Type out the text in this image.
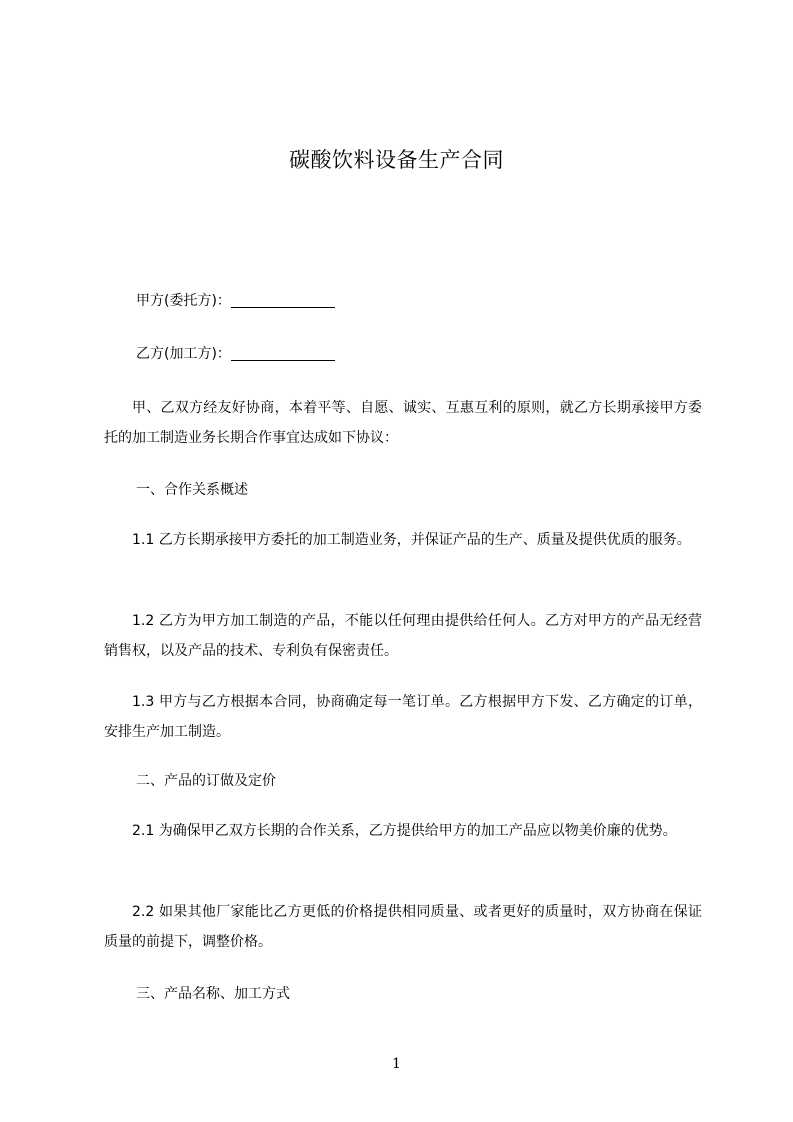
碳酸饮料设备生产合同
甲方(委托方)：
乙方(加工方)：
甲、乙双方经友好协商，本着平等、自愿、诚实、互惠互利的原则，就乙方长期承接甲方委托的加工制造业务长期合作事宜达成如下协议：
一、合作关系概述
1.1 乙方长期承接甲方委托的加工制造业务，并保证产品的生产、质量及提供优质的服务。
1.2 乙方为甲方加工制造的产品，不能以任何理由提供给任何人。乙方对甲方的产品无经营销售权，以及产品的技术、专利负有保密责任。
1.3 甲方与乙方根据本合同，协商确定每一笔订单。乙方根据甲方下发、乙方确定的订单，安排生产加工制造。
二、产品的订做及定价
2.1 为确保甲乙双方长期的合作关系，乙方提供给甲方的加工产品应以物美价廉的优势。
2.2 如果其他厂家能比乙方更低的价格提供相同质量、或者更好的质量时，双方协商在保证质量的前提下，调整价格。
三、产品名称、加工方式
1
